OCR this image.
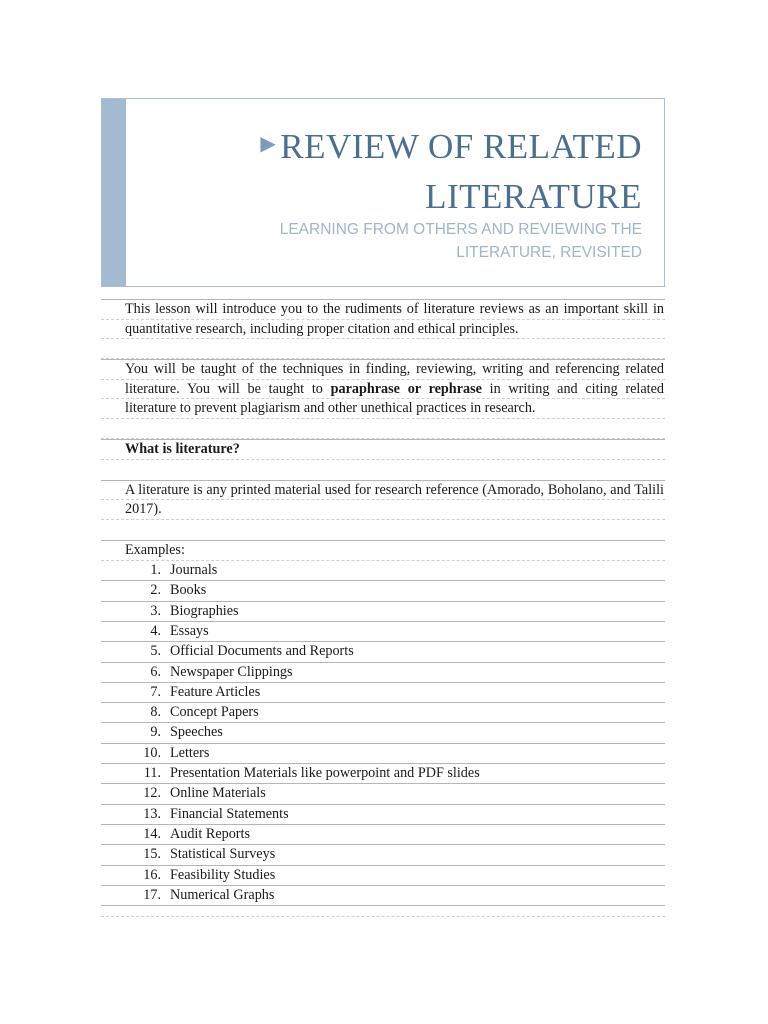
▶ REVIEW OF RELATED
LITERATURE
LEARNING FROM OTHERS AND REVIEWING THE
LITERATURE, REVISITED

This lesson will introduce you to the rudiments of literature reviews as an important skill in quantitative research, including proper citation and ethical principles.

You will be taught of the techniques in finding, reviewing, writing and referencing related literature. You will be taught to paraphrase or rephrase in writing and citing related literature to prevent plagiarism and other unethical practices in research.

What is literature?

A literature is any printed material used for research reference (Amorado, Boholano, and Talili 2017).

Examples:
1. Journals
2. Books
3. Biographies
4. Essays
5. Official Documents and Reports
6. Newspaper Clippings
7. Feature Articles
8. Concept Papers
9. Speeches
10. Letters
11. Presentation Materials like powerpoint and PDF slides
12. Online Materials
13. Financial Statements
14. Audit Reports
15. Statistical Surveys
16. Feasibility Studies
17. Numerical Graphs
